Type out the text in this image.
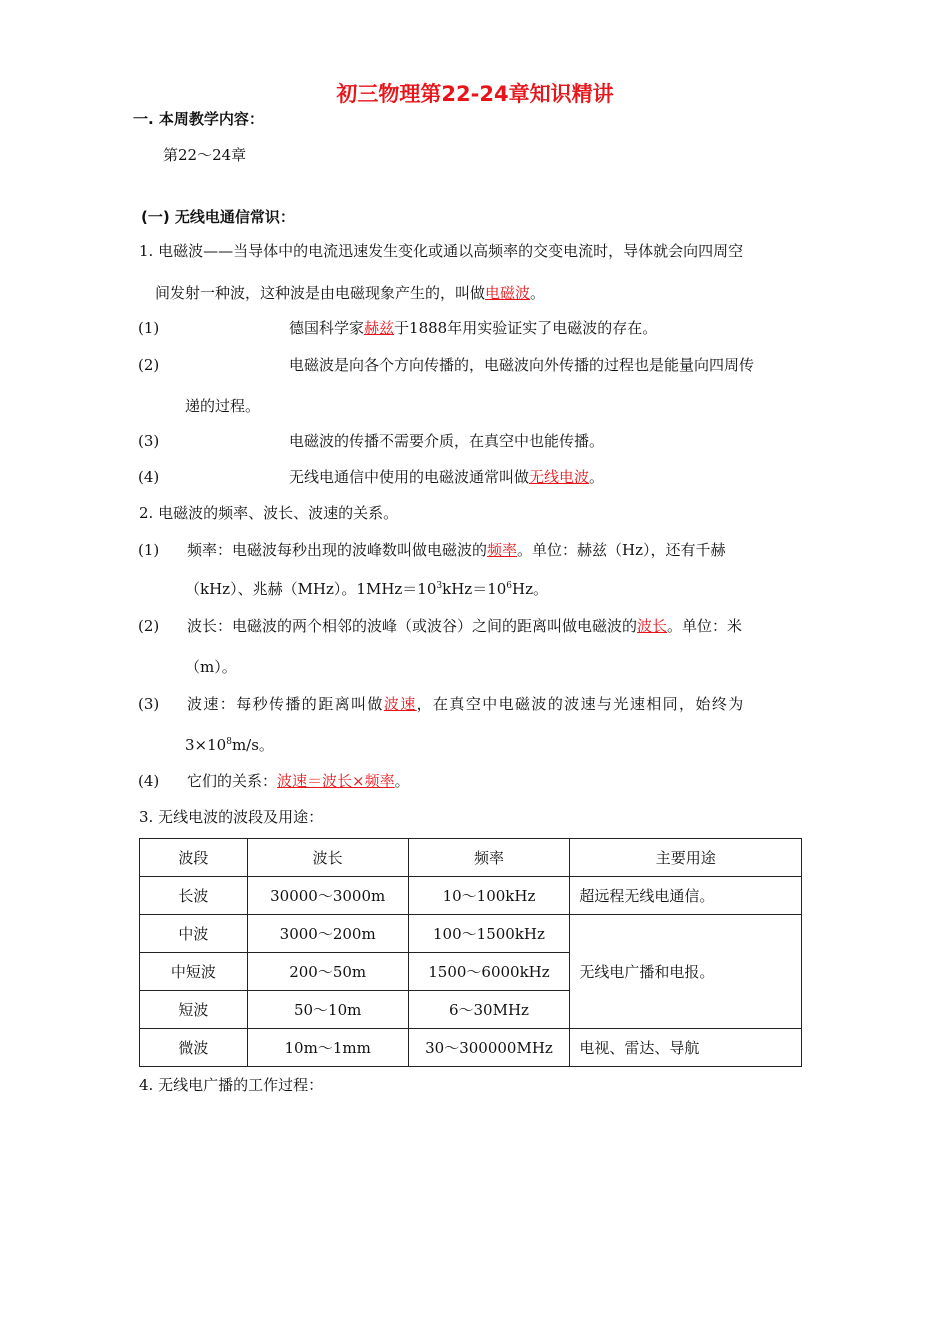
初三物理第22-24章知识精讲
一. 本周教学内容：
第22～24章
(一) 无线电通信常识：
1. 电磁波——当导体中的电流迅速发生变化或通以高频率的交变电流时，导体就会向四周空
间发射一种波，这种波是由电磁现象产生的，叫做电磁波。
(1)	德国科学家赫兹于1888年用实验证实了电磁波的存在。
(2)	电磁波是向各个方向传播的，电磁波向外传播的过程也是能量向四周传
递的过程。
(3)	电磁波的传播不需要介质，在真空中也能传播。
(4)	无线电通信中使用的电磁波通常叫做无线电波。
2. 电磁波的频率、波长、波速的关系。
(1) 频率：电磁波每秒出现的波峰数叫做电磁波的频率。单位：赫兹（Hz），还有千赫
（kHz）、兆赫（MHz）。$1MHz=10^3kHz=10^6Hz$。
(2) 波长：电磁波的两个相邻的波峰（或波谷）之间的距离叫做电磁波的波长。单位：米
（m）。
(3) 波速：每秒传播的距离叫做波速，在真空中电磁波的波速与光速相同，始终为
$3\times 10^8m/s$。
(4) 它们的关系：波速＝波长×频率。
3. 无线电波的波段及用途：
波段	波长	频率	主要用途
长波	30000～3000m	10～100kHz	超远程无线电通信。
中波	3000～200m	100～1500kHz	无线电广播和电报。
中短波	200～50m	1500～6000kHz	
短波	50～10m	6～30MHz	
微波	10m～1mm	30～300000MHz	电视、雷达、导航
4. 无线电广播的工作过程：
